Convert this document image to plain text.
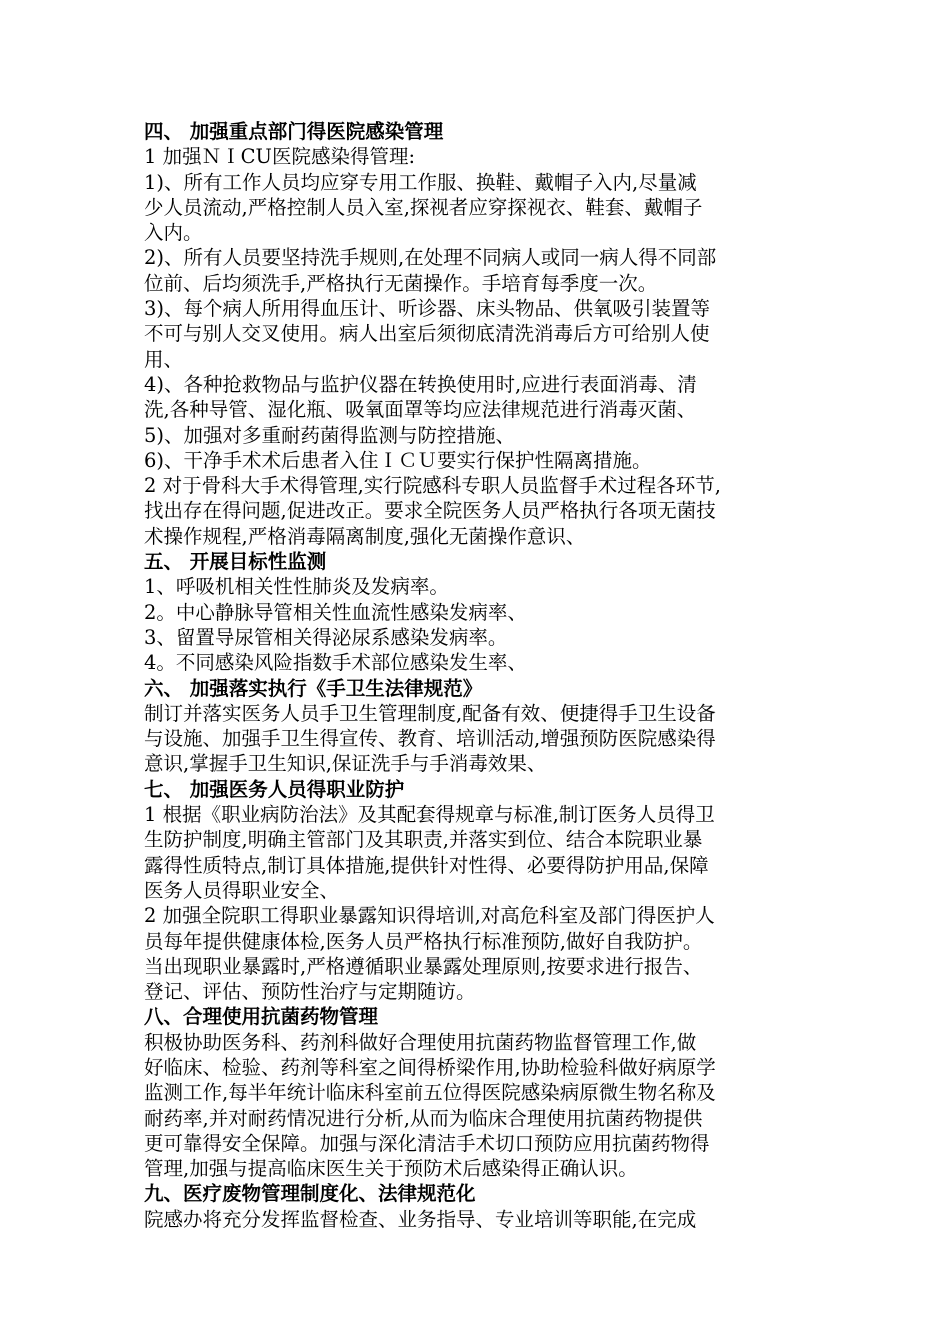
四、 加强重点部门得医院感染管理
1 加强ＮＩCU医院感染得管理:
1)、所有工作人员均应穿专用工作服、换鞋、戴帽子入内,尽量减
少人员流动,严格控制人员入室,探视者应穿探视衣、鞋套、戴帽子
入内。
2)、所有人员要坚持洗手规则,在处理不同病人或同一病人得不同部
位前、后均须洗手,严格执行无菌操作。手培育每季度一次。
3)、每个病人所用得血压计、听诊器、床头物品、供氧吸引装置等
不可与别人交叉使用。病人出室后须彻底清洗消毒后方可给别人使
用、
4)、各种抢救物品与监护仪器在转换使用时,应进行表面消毒、清
洗,各种导管、湿化瓶、吸氧面罩等均应法律规范进行消毒灭菌、
5)、加强对多重耐药菌得监测与防控措施、
6)、干净手术术后患者入住ＩＣＵ要实行保护性隔离措施。
2 对于骨科大手术得管理,实行院感科专职人员监督手术过程各环节,
找出存在得问题,促进改正。要求全院医务人员严格执行各项无菌技
术操作规程,严格消毒隔离制度,强化无菌操作意识、
五、 开展目标性监测
1、呼吸机相关性性肺炎及发病率。
2。中心静脉导管相关性血流性感染发病率、
3、留置导尿管相关得泌尿系感染发病率。
4。不同感染风险指数手术部位感染发生率、
六、 加强落实执行《手卫生法律规范》
制订并落实医务人员手卫生管理制度,配备有效、便捷得手卫生设备
与设施、加强手卫生得宣传、教育、培训活动,增强预防医院感染得
意识,掌握手卫生知识,保证洗手与手消毒效果、
七、 加强医务人员得职业防护
1 根据《职业病防治法》及其配套得规章与标准,制订医务人员得卫
生防护制度,明确主管部门及其职责,并落实到位、结合本院职业暴
露得性质特点,制订具体措施,提供针对性得、必要得防护用品,保障
医务人员得职业安全、
2 加强全院职工得职业暴露知识得培训,对高危科室及部门得医护人
员每年提供健康体检,医务人员严格执行标准预防,做好自我防护。
当出现职业暴露时,严格遵循职业暴露处理原则,按要求进行报告、
登记、评估、预防性治疗与定期随访。
八、合理使用抗菌药物管理
积极协助医务科、药剂科做好合理使用抗菌药物监督管理工作,做
好临床、检验、药剂等科室之间得桥梁作用,协助检验科做好病原学
监测工作,每半年统计临床科室前五位得医院感染病原微生物名称及
耐药率,并对耐药情况进行分析,从而为临床合理使用抗菌药物提供
更可靠得安全保障。加强与深化清洁手术切口预防应用抗菌药物得
管理,加强与提高临床医生关于预防术后感染得正确认识。
九、医疗废物管理制度化、法律规范化
院感办将充分发挥监督检查、业务指导、专业培训等职能,在完成
